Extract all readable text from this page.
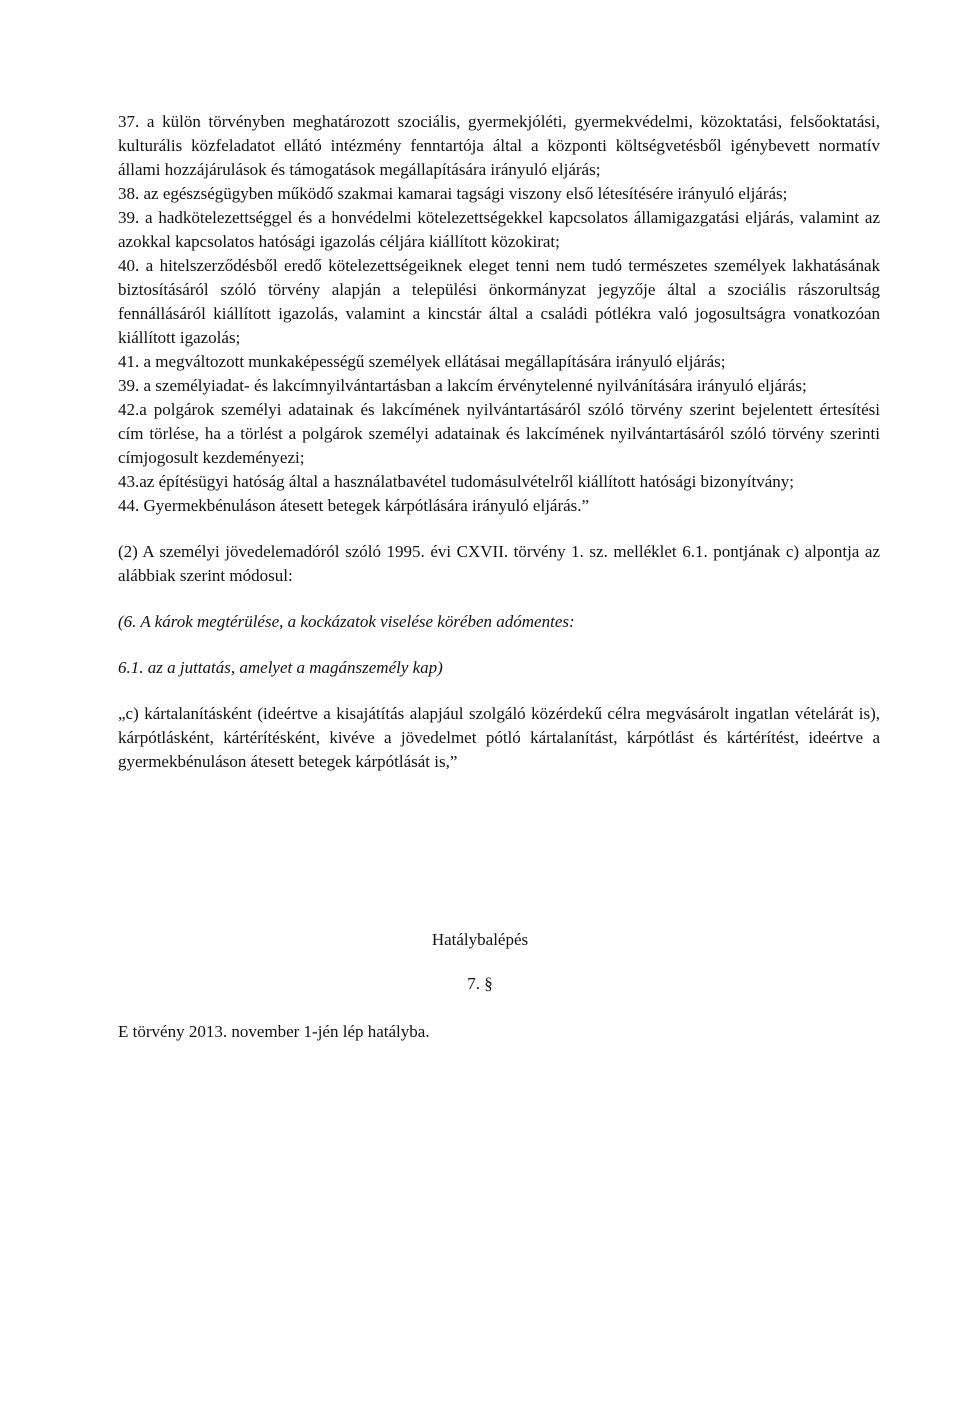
37. a külön törvényben meghatározott szociális, gyermekjóléti, gyermekvédelmi, közoktatási, felsőoktatási, kulturális közfeladatot ellátó intézmény fenntartója által a központi költségvetésből igénybevett normatív állami hozzájárulások és támogatások megállapítására irányuló eljárás;

38. az egészségügyben működő szakmai kamarai tagsági viszony első létesítésére irányuló eljárás;

39. a hadkötelezettséggel és a honvédelmi kötelezettségekkel kapcsolatos államigazgatási eljárás, valamint az azokkal kapcsolatos hatósági igazolás céljára kiállított közokirat;

40. a hitelszerződésből eredő kötelezettségeiknek eleget tenni nem tudó természetes személyek lakhatásának biztosításáról szóló törvény alapján a települési önkormányzat jegyzője által a szociális rászorultság fennállásáról kiállított igazolás, valamint a kincstár által a családi pótlékra való jogosultságra vonatkozóan kiállított igazolás;

41. a megváltozott munkaképességű személyek ellátásai megállapítására irányuló eljárás;

39. a személyiadat- és lakcímnyilvántartásban a lakcím érvénytelenné nyilvánítására irányuló eljárás;

42.a polgárok személyi adatainak és lakcímének nyilvántartásáról szóló törvény szerint bejelentett értesítési cím törlése, ha a törlést a polgárok személyi adatainak és lakcímének nyilvántartásáról szóló törvény szerinti címjogosult kezdeményezi;

43.az építésügyi hatóság által a használatbavétel tudomásulvételről kiállított hatósági bizonyítvány;

44. Gyermekbénuláson átesett betegek kárpótlására irányuló eljárás.”

(2) A személyi jövedelemadóról szóló 1995. évi CXVII. törvény 1. sz. melléklet 6.1. pontjának c) alpontja az alábbiak szerint módosul:

(6. A károk megtérülése, a kockázatok viselése körében adómentes:

6.1. az a juttatás, amelyet a magánszemély kap)

„c) kártalanításként (ideértve a kisajátítás alapjául szolgáló közérdekű célra megvásárolt ingatlan vételárát is), kárpótlásként, kártérítésként, kivéve a jövedelmet pótló kártalanítást, kárpótlást és kártérítést, ideértve a gyermekbénuláson átesett betegek kárpótlását is,”

Hatálybalépés
7. §
E törvény 2013. november 1-jén lép hatályba.
